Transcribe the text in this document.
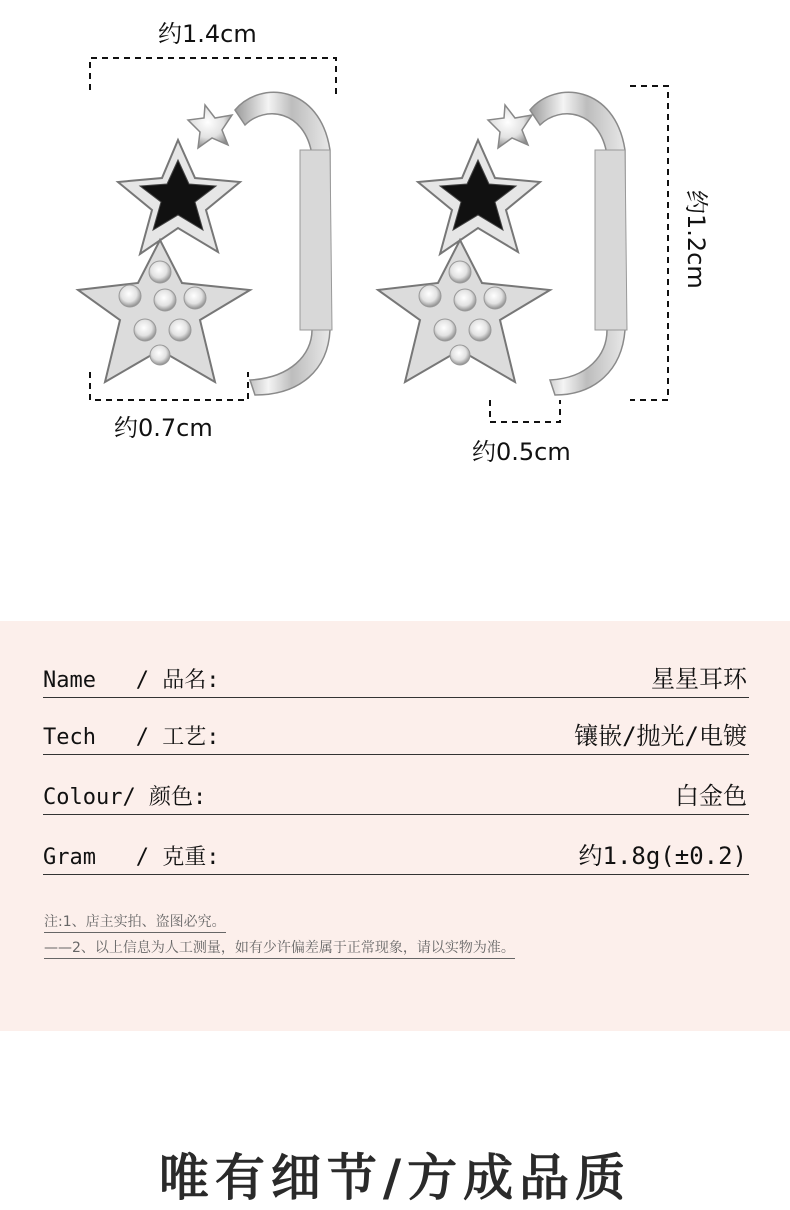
约1.4cm
约1.2cm
约0.7cm
约0.5cm
Name   / 品名:	星星耳环
Tech   / 工艺:	镶嵌/抛光/电镀
Colour/ 颜色:	白金色
Gram   / 克重:	约1.8g(±0.2)
注:1、店主实拍、盗图必究。
——2、以上信息为人工测量，如有少许偏差属于正常现象，请以实物为准。
唯有细节/方成品质
